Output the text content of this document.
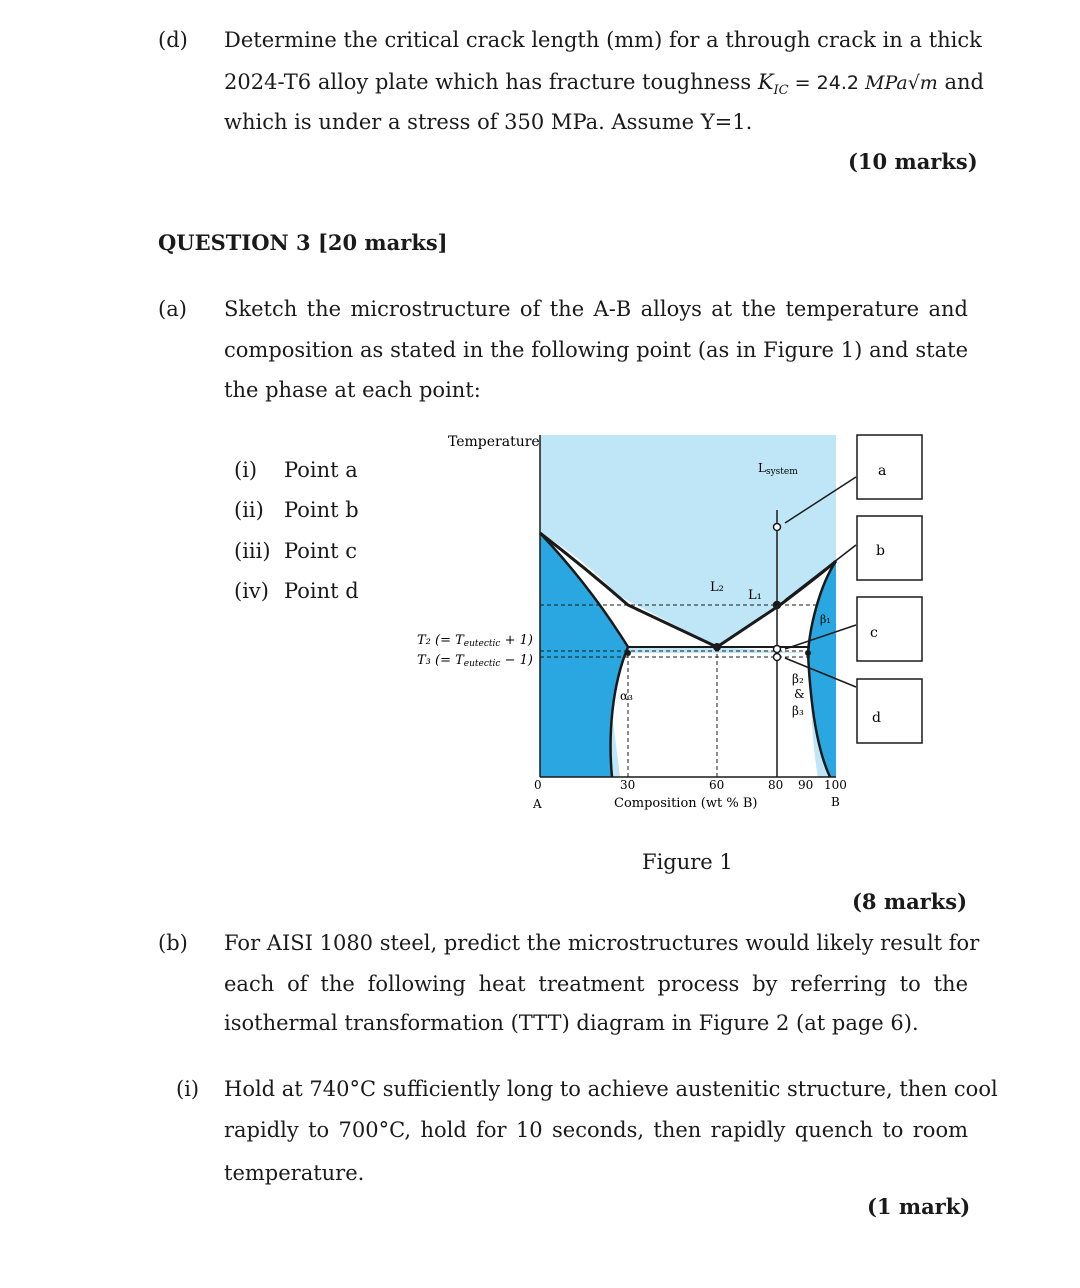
(d) Determine the critical crack length (mm) for a through crack in a thick
2024-T6 alloy plate which has fracture toughness $K_{IC} = 24.2$ MPa√m and
which is under a stress of 350 MPa. Assume Y=1.
(10 marks)
QUESTION 3 [20 marks]
(a) Sketch the microstructure of the A-B alloys at the temperature and
composition as stated in the following point (as in Figure 1) and state
the phase at each point:
(i) Point a
(ii) Point b
(iii) Point c
(iv) Point d
a
b
c
d
Temperature
Lsystem
L₂
L₁
β₁
β₂
&
β₃
α₃
T₂ (= Teutectic + 1)
T₃ (= Teutectic − 1)
0	30	60	80 90 100
A	B
Composition (wt % B)
Figure 1
(8 marks)
(b) For AISI 1080 steel, predict the microstructures would likely result for
each of the following heat treatment process by referring to the
isothermal transformation (TTT) diagram in Figure 2 (at page 6).
(i) Hold at 740°C sufficiently long to achieve austenitic structure, then cool
rapidly to 700°C, hold for 10 seconds, then rapidly quench to room
temperature.
(1 mark)
